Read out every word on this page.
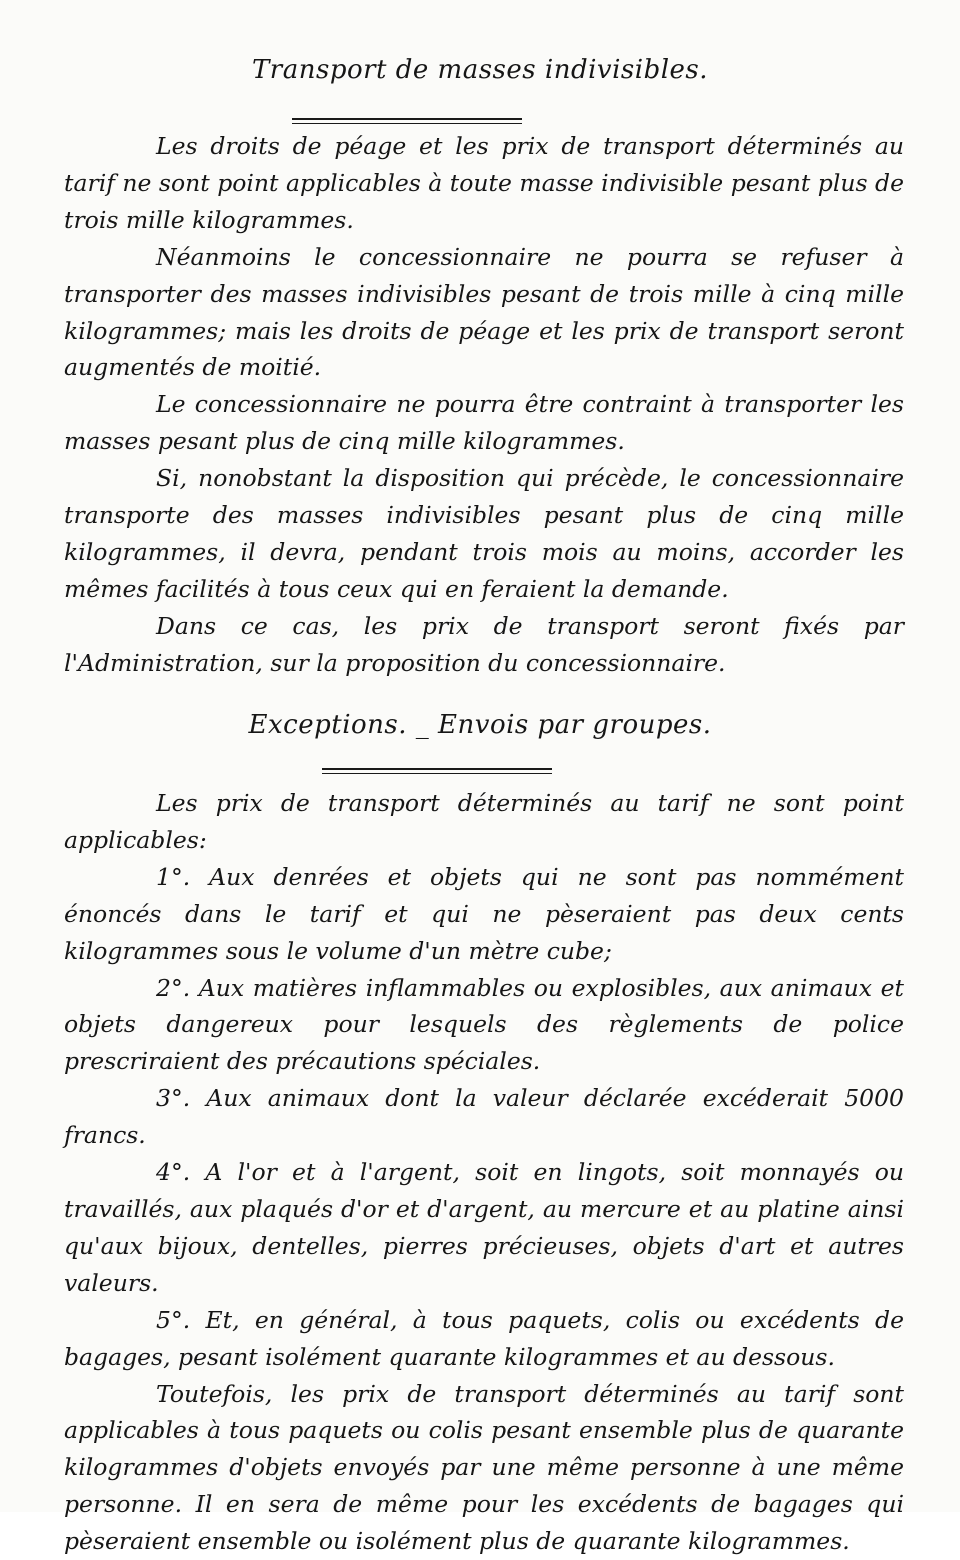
Transport de masses indivisibles.

Les droits de péage et les prix de transport déterminés au tarif ne sont point applicables à toute masse indivisible pesant plus de trois mille kilogrammes.

Néanmoins le concessionnaire ne pourra se refuser à transporter des masses indivisibles pesant de trois mille à cinq mille kilogrammes; mais les droits de péage et les prix de transport seront augmentés de moitié.

Le concessionnaire ne pourra être contraint à transporter les masses pesant plus de cinq mille kilogrammes.

Si, nonobstant la disposition qui précède, le concessionnaire transporte des masses indivisibles pesant plus de cinq mille kilogrammes, il devra, pendant trois mois au moins, accorder les mêmes facilités à tous ceux qui en feraient la demande.

Dans ce cas, les prix de transport seront fixés par l'Administration, sur la proposition du concessionnaire.

Exceptions. _ Envois par groupes.

Les prix de transport déterminés au tarif ne sont point applicables:

1°. Aux denrées et objets qui ne sont pas nommément énoncés dans le tarif et qui ne pèseraient pas deux cents kilogrammes sous le volume d'un mètre cube;

2°. Aux matières inflammables ou explosibles, aux animaux et objets dangereux pour lesquels des règlements de police prescriraient des précautions spéciales.

3°. Aux animaux dont la valeur déclarée excéderait 5000 francs.

4°. A l'or et à l'argent, soit en lingots, soit monnayés ou travaillés, aux plaqués d'or et d'argent, au mercure et au platine ainsi qu'aux bijoux, dentelles, pierres précieuses, objets d'art et autres valeurs.

5°. Et, en général, à tous paquets, colis ou excédents de bagages, pesant isolément quarante kilogrammes et au dessous.

Toutefois, les prix de transport déterminés au tarif sont applicables à tous paquets ou colis pesant ensemble plus de quarante kilogrammes d'objets envoyés par une même personne à une même personne. Il en sera de même pour les excédents de bagages qui pèseraient ensemble ou isolément plus de quarante kilogrammes.
